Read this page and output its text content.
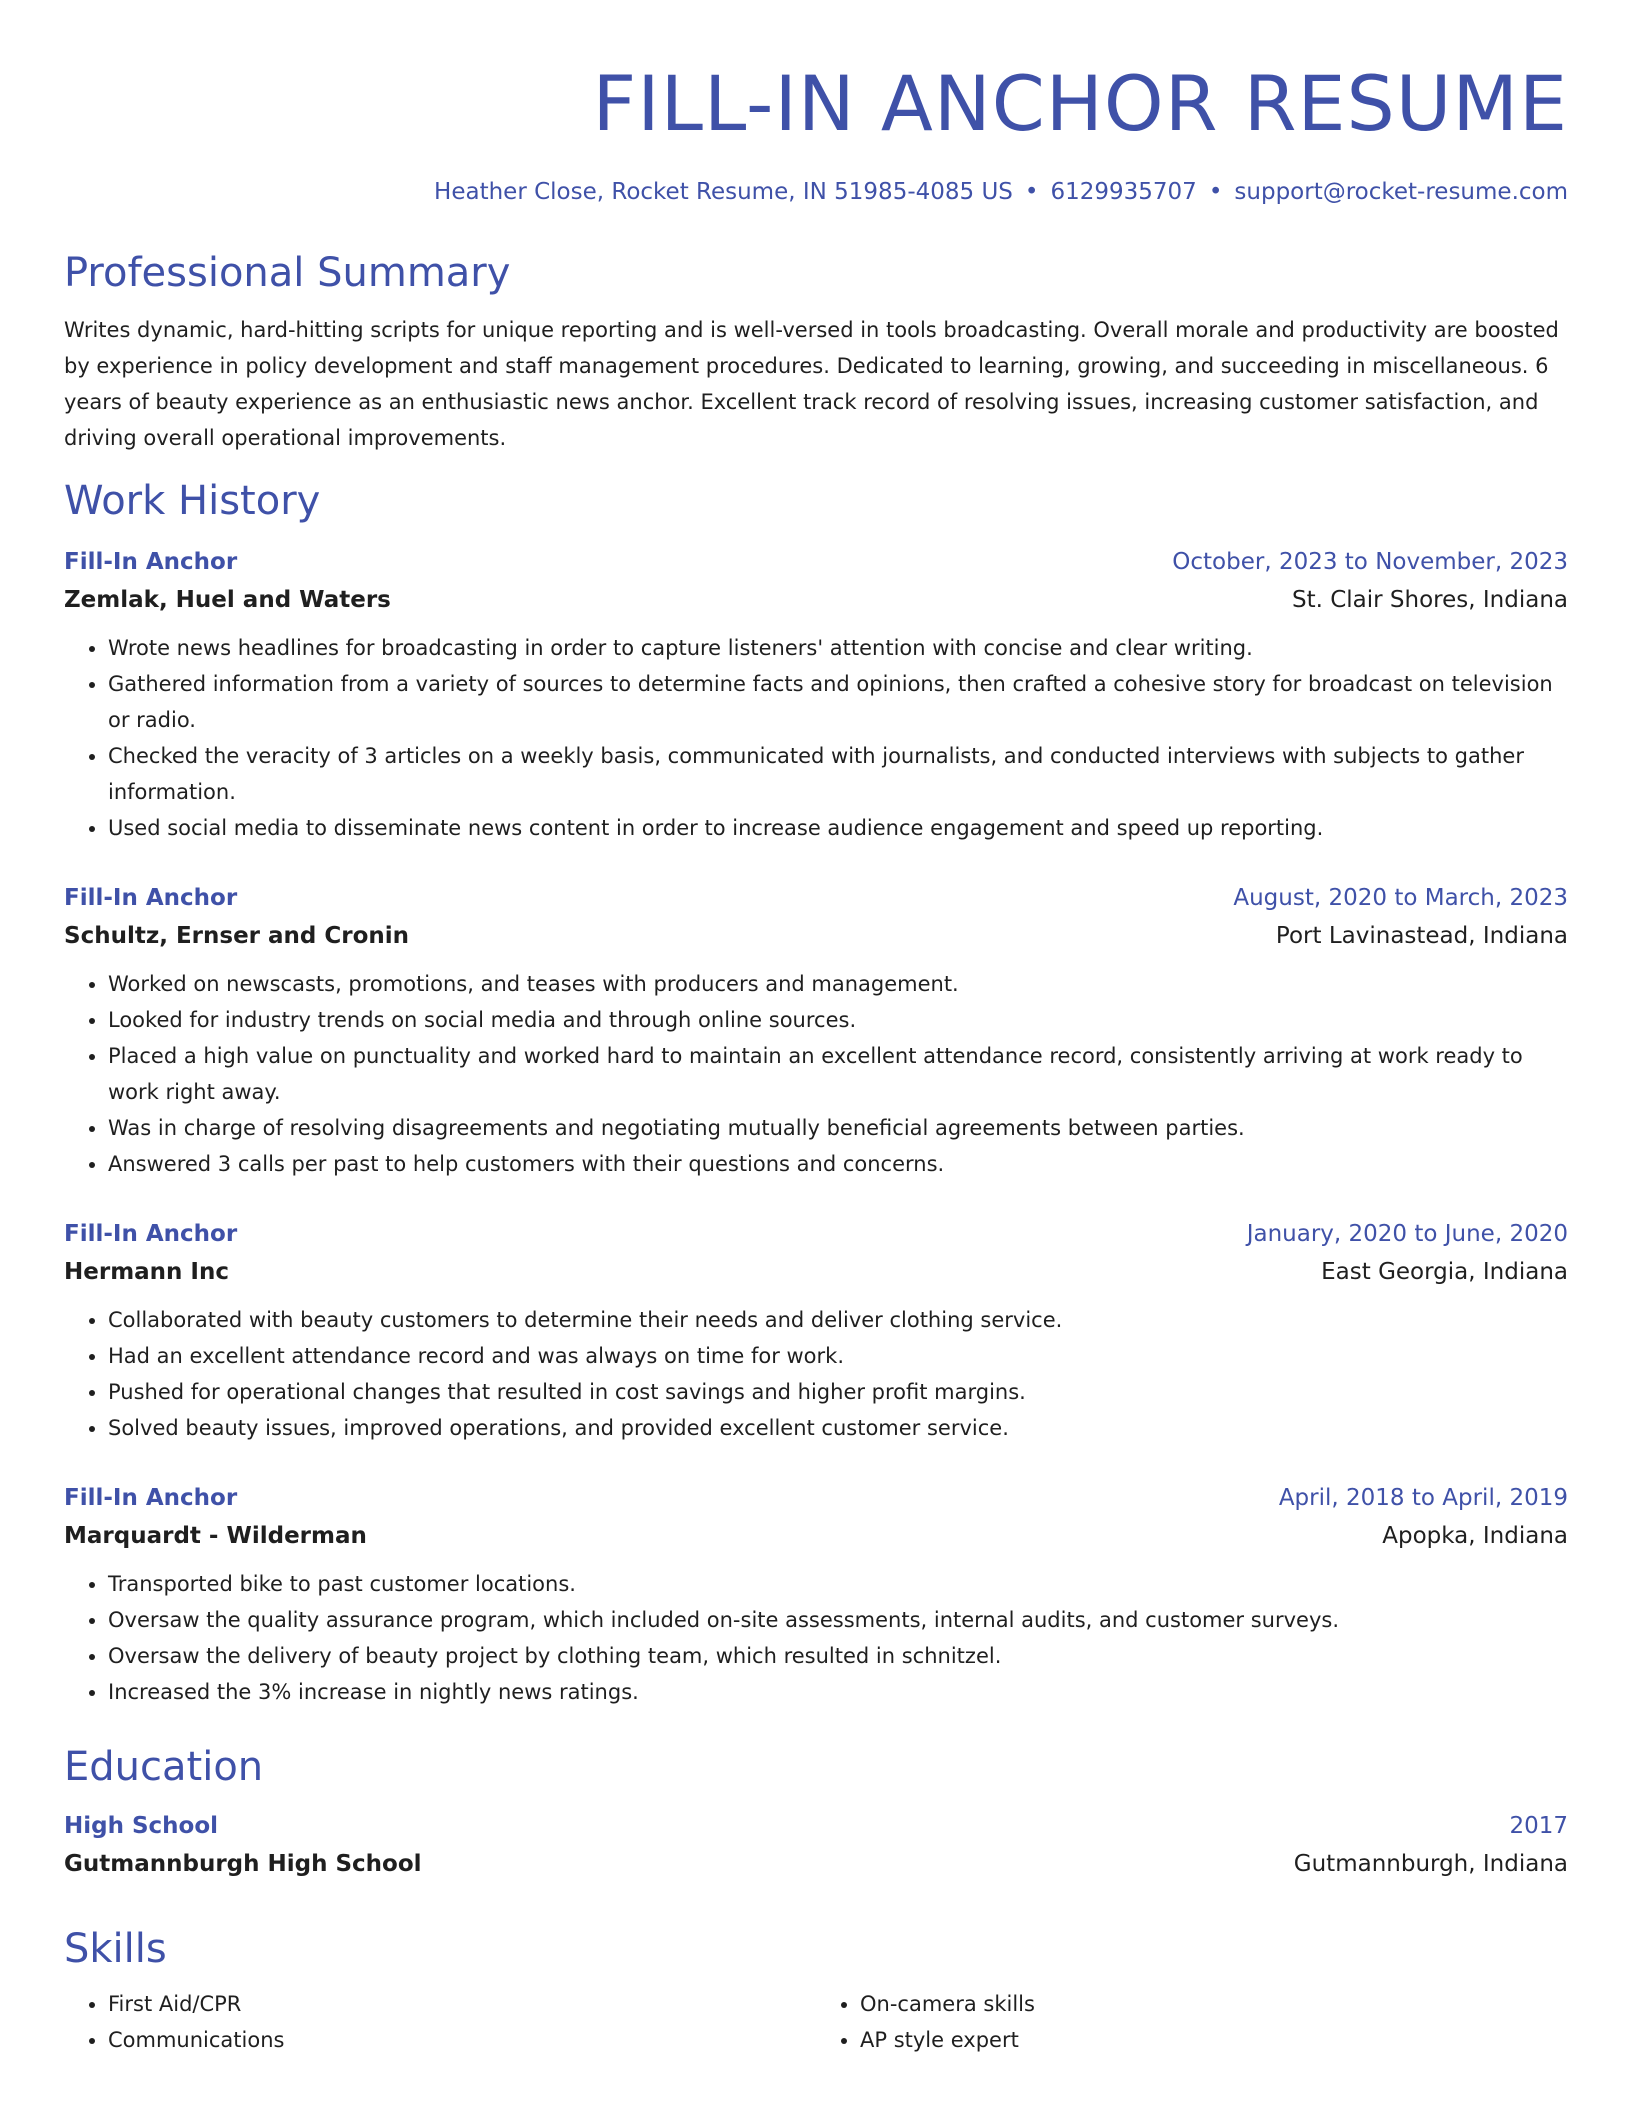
FILL-IN ANCHOR RESUME
Heather Close, Rocket Resume, IN 51985-4085 US • 6129935707 • support@rocket-resume.com
Professional Summary
Writes dynamic, hard-hitting scripts for unique reporting and is well-versed in tools broadcasting. Overall morale and productivity are boosted by experience in policy development and staff management procedures. Dedicated to learning, growing, and succeeding in miscellaneous. 6 years of beauty experience as an enthusiastic news anchor. Excellent track record of resolving issues, increasing customer satisfaction, and driving overall operational improvements.
Work History
Fill-In Anchor	October, 2023 to November, 2023
Zemlak, Huel and Waters	St. Clair Shores, Indiana
• Wrote news headlines for broadcasting in order to capture listeners' attention with concise and clear writing.
• Gathered information from a variety of sources to determine facts and opinions, then crafted a cohesive story for broadcast on television or radio.
• Checked the veracity of 3 articles on a weekly basis, communicated with journalists, and conducted interviews with subjects to gather information.
• Used social media to disseminate news content in order to increase audience engagement and speed up reporting.
Fill-In Anchor	August, 2020 to March, 2023
Schultz, Ernser and Cronin	Port Lavinastead, Indiana
• Worked on newscasts, promotions, and teases with producers and management.
• Looked for industry trends on social media and through online sources.
• Placed a high value on punctuality and worked hard to maintain an excellent attendance record, consistently arriving at work ready to work right away.
• Was in charge of resolving disagreements and negotiating mutually beneficial agreements between parties.
• Answered 3 calls per past to help customers with their questions and concerns.
Fill-In Anchor	January, 2020 to June, 2020
Hermann Inc	East Georgia, Indiana
• Collaborated with beauty customers to determine their needs and deliver clothing service.
• Had an excellent attendance record and was always on time for work.
• Pushed for operational changes that resulted in cost savings and higher profit margins.
• Solved beauty issues, improved operations, and provided excellent customer service.
Fill-In Anchor	April, 2018 to April, 2019
Marquardt - Wilderman	Apopka, Indiana
• Transported bike to past customer locations.
• Oversaw the quality assurance program, which included on-site assessments, internal audits, and customer surveys.
• Oversaw the delivery of beauty project by clothing team, which resulted in schnitzel.
• Increased the 3% increase in nightly news ratings.
Education
High School	2017
Gutmannburgh High School	Gutmannburgh, Indiana
Skills
• First Aid/CPR
• Communications
• On-camera skills
• AP style expert
